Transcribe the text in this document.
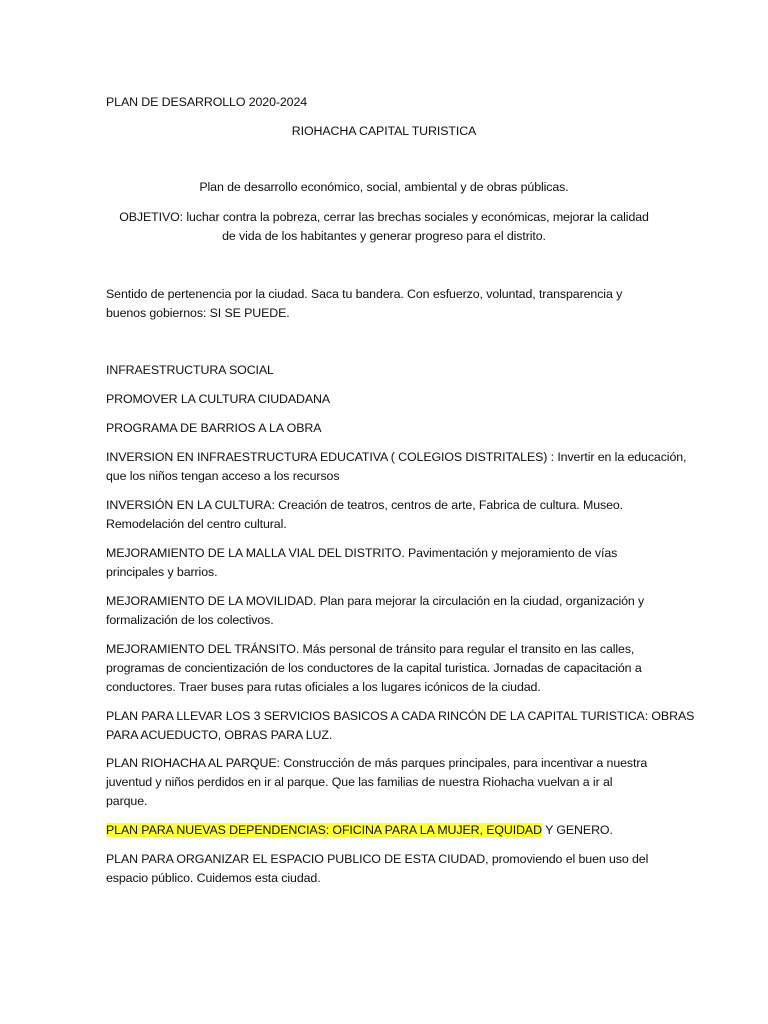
PLAN DE DESARROLLO 2020-2024
RIOHACHA CAPITAL TURISTICA
Plan de desarrollo económico, social, ambiental y de obras públicas.
OBJETIVO: luchar contra la pobreza, cerrar las brechas sociales y económicas, mejorar la calidad
de vida de los habitantes y generar progreso para el distrito.
Sentido de pertenencia por la ciudad. Saca tu bandera. Con esfuerzo, voluntad, transparencia y
buenos gobiernos: SI SE PUEDE.
INFRAESTRUCTURA SOCIAL
PROMOVER LA CULTURA CIUDADANA
PROGRAMA DE BARRIOS A LA OBRA
INVERSION EN INFRAESTRUCTURA EDUCATIVA ( COLEGIOS DISTRITALES) : Invertir en la educación,
que los niños tengan acceso a los recursos
INVERSIÓN EN LA CULTURA: Creación de teatros, centros de arte, Fabrica de cultura. Museo.
Remodelación del centro cultural.
MEJORAMIENTO DE LA MALLA VIAL DEL DISTRITO. Pavimentación y mejoramiento de vías
principales y barrios.
MEJORAMIENTO DE LA MOVILIDAD. Plan para mejorar la circulación en la ciudad, organización y
formalización de los colectivos.
MEJORAMIENTO DEL TRÁNSITO. Más personal de tránsito para regular el transito en las calles,
programas de concientización de los conductores de la capital turistica. Jornadas de capacitación a
conductores. Traer buses para rutas oficiales a los lugares icónicos de la ciudad.
PLAN PARA LLEVAR LOS 3 SERVICIOS BASICOS A CADA RINCÓN DE LA CAPITAL TURISTICA: OBRAS
PARA ACUEDUCTO, OBRAS PARA LUZ.
PLAN RIOHACHA AL PARQUE: Construcción de más parques principales, para incentivar a nuestra
juventud y niños perdidos en ir al parque. Que las familias de nuestra Riohacha vuelvan a ir al
parque.
PLAN PARA NUEVAS DEPENDENCIAS: OFICINA PARA LA MUJER, EQUIDAD Y GENERO.
PLAN PARA ORGANIZAR EL ESPACIO PUBLICO DE ESTA CIUDAD, promoviendo el buen uso del
espacio público. Cuidemos esta ciudad.
